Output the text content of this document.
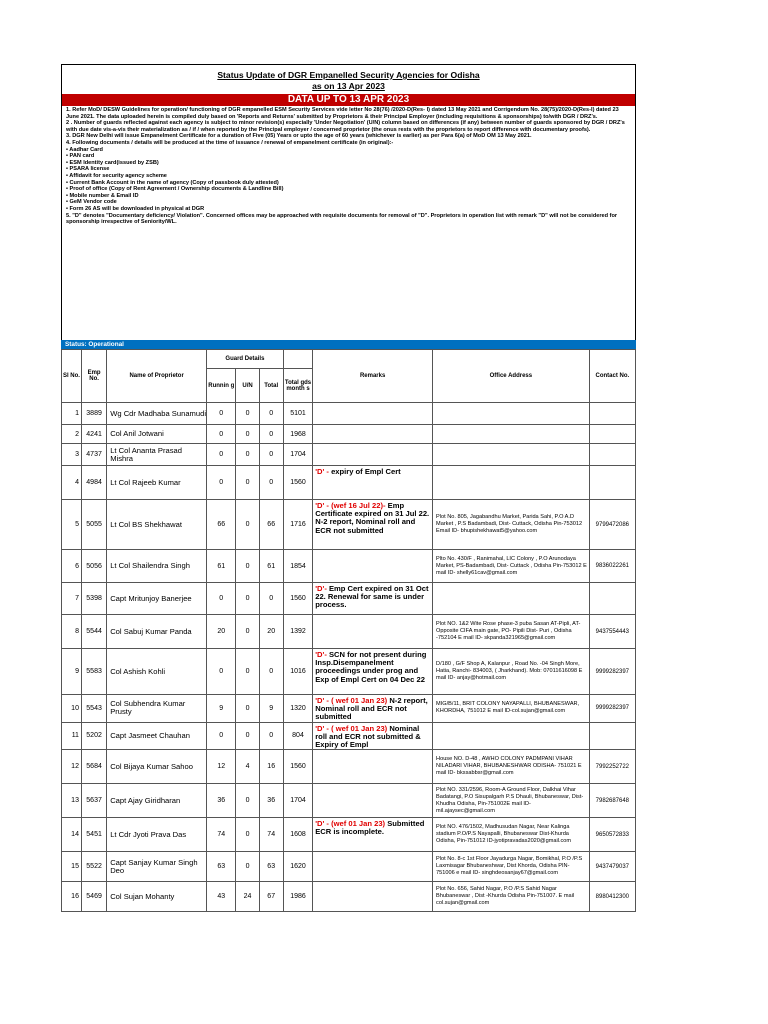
Status Update of DGR Empanelled Security Agencies for Odisha
as on 13 Apr 2023
DATA UP TO 13 APR 2023

1. Refer MoD/ DESW Guidelines for operation/ functioning of DGR empanelled ESM Security Services vide letter No 28(76) /2020-D(Res- I) dated 13 May 2021 and Corrigendum No. 28(75)/2020-D(Res-I) dated 23 June 2021. The data uploaded herein is compiled duly based on 'Reports and Returns' submitted by Proprietors & their Principal Employer (including requisitions & sponsorships) to/with DGR / DRZ's.

2 . Number of guards reflected against each agency is subject to minor revision(s) especially 'Under Negotiation' (U/N) column based on differences (if any) between number of guards sponsored by DGR / DRZ's with due date vis-a-vis their materialization as / if / when reported by the Principal employer / concerned proprietor (the onus rests with the proprietors to report difference with documentary proofs).

3. DGR New Delhi will issue Empanelment Certificate for a duration of Five (05) Years or upto the age of 60 years (whichever is earlier) as per Para 6(a) of MoD OM 13 May 2021.

4. Following documents / details will be produced at the time of issuance / renewal of empanelment certificate (in original):-

• Aadhar Card

• PAN card

• ESM Identity card(issued by ZSB)

• PSARA license

• Affidavit for security agency scheme

• Current Bank Account in the name of agency (Copy of passbook duly attested)

• Proof of office (Copy of Rent Agreement / Ownership documents & Landline Bill)

• Mobile number & Email ID

• GeM Vendor code

• Form 26 AS will be downloaded in physical at DGR

5. "D" denotes "Documentary deficiency/ Violation". Concerned offices may be approached with requisite documents for removal of "D". Proprietors in operation list with remark "D" will not be considered for sponsorship irrespective of Seniority/WL.

Status: Operational
Sl No.	Emp No.	Name of Proprietor	Guard Details				Remarks	Office Address	Contact No.
			Runnin g	U/N	Total	Total gds month s			
1	3889	Wg Cdr Madhaba Sunamudi	0	0	0	5101			
2	4241	Col Anil Jotwani	0	0	0	1968			
3	4737	Lt Col Ananta Prasad Mishra	0	0	0	1704			
4	4984	Lt Col Rajeeb Kumar	0	0	0	1560	'D' - expiry of Empl Cert		
5	5055	Lt Col BS Shekhawat	66	0	66	1716	'D' - (wef 16 Jul 22)- Emp Certificate expired on 31 Jul 22. N-2 report, Nominal roll and ECR not submitted	Plot No. 805, Jagabandhu Market, Parida Sahi, P.O A.D Market , P.S Badambadi, Dist- Cuttack, Odisha Pin-753012 Email ID- bhupishekhawat5@yahoo.com	9799472086
6	5056	Lt Col Shailendra Singh	61	0	61	1854		Plto No. 430/F , Ranimahal, LIC Colony , P.O Arunodaya Market, PS-Badambadi, Dist- Cuttack , Odisha Pin-753012 E mail ID- shelly61cav@gmail.com	9836022261
7	5398	Capt Mritunjoy Banerjee	0	0	0	1560	'D'- Emp Cert expired on 31 Oct 22. Renewal for same is under process.		
8	5544	Col Sabuj Kumar Panda	20	0	20	1392		Plot NO. 1&2 Wite Rose phase-3 puba Sasan AT-Pipli, AT- Opposite CIFA main gate, PO- Pipili Dist- Puri , Odisha -752104 E mail ID- skpanda321965@gmail.com	9437554443
9	5583	Col Ashish Kohli	0	0	0	1016	'D'- SCN for not present during Insp.Disempanelment proceedings under prog and Exp of Empl Cert on 04 Dec 22	D/180 , G/F Shop A, Kalanpur , Road No. -04 Singh More, Hatia, Ranchi- 834003, ( Jharkhand). Mob: 07011616098 E mail ID- anjay@hotmail.com	9999282397
10	5543	Col Subhendra Kumar Prusty	9	0	9	1320	'D' - ( wef 01 Jan 23) N-2 report, Nominal roll and ECR not submitted	MIG/B/11, BRIT COLONY NAYAPALLI, BHUBANESWAR, KHORDHA, 751012 E mail ID-col.sujan@gmail.com	9999282397
11	5202	Capt Jasmeet Chauhan	0	0	0	804	'D' - ( wef 01 Jan 23) Nominal roll and ECR not submitted & Expiry of Empl		
12	5684	Col Bijaya Kumar Sahoo	12	4	16	1560		House NO. D-48 , AWHO COLONY PADMPANI VIHAR NILADARI VIHAR, BHUBANESHWAR ODISHA- 751021 E mail ID- bkssabbsr@gmail.com	7992252722
13	5637	Capt Ajay Giridharan	36	0	36	1704		Plot NO. 331/2596, Room-A Ground Floor, Dalkhai Vihar Badatangi, P.O Sisupalgarh P.S Dhauli, Bhubaneswar, Dist- Khudha Odisha, Pin-751002E mail ID- mil.ajaysec@gmail.com	7982687648
14	5451	Lt Cdr Jyoti Prava Das	74	0	74	1608	'D' - (wef 01 Jan 23) Submitted ECR is incomplete.	Plot NO. 476/1502, Madhusudan Nagar, Near Kalinga stadium P.O/P.S Nayapalli, Bhubaneswar Dist-Khurda Odisha, Pin-751012 ID-jyotipravadas2020@gmail.com	9650572833
15	5522	Capt Sanjay Kumar Singh Deo	63	0	63	1620		Plot No. 8-c 1st Floor Jayadurga Nagar, Bomikhal, P.O /P.S Laxmisagar Bhubaneshwar, Dist Khorda, Odisha PIN- 751006 e mail ID- singhdeosanjay67@gmail.com	9437479037
16	5469	Col Sujan Mohanty	43	24	67	1986		Plot No. 656, Sahid Nagar, P.O /P.S Sahid Nagar Bhubaneswar , Dist -Khurda Odisha Pin-751007. E mail col.sujan@gmail.com	8980412300
